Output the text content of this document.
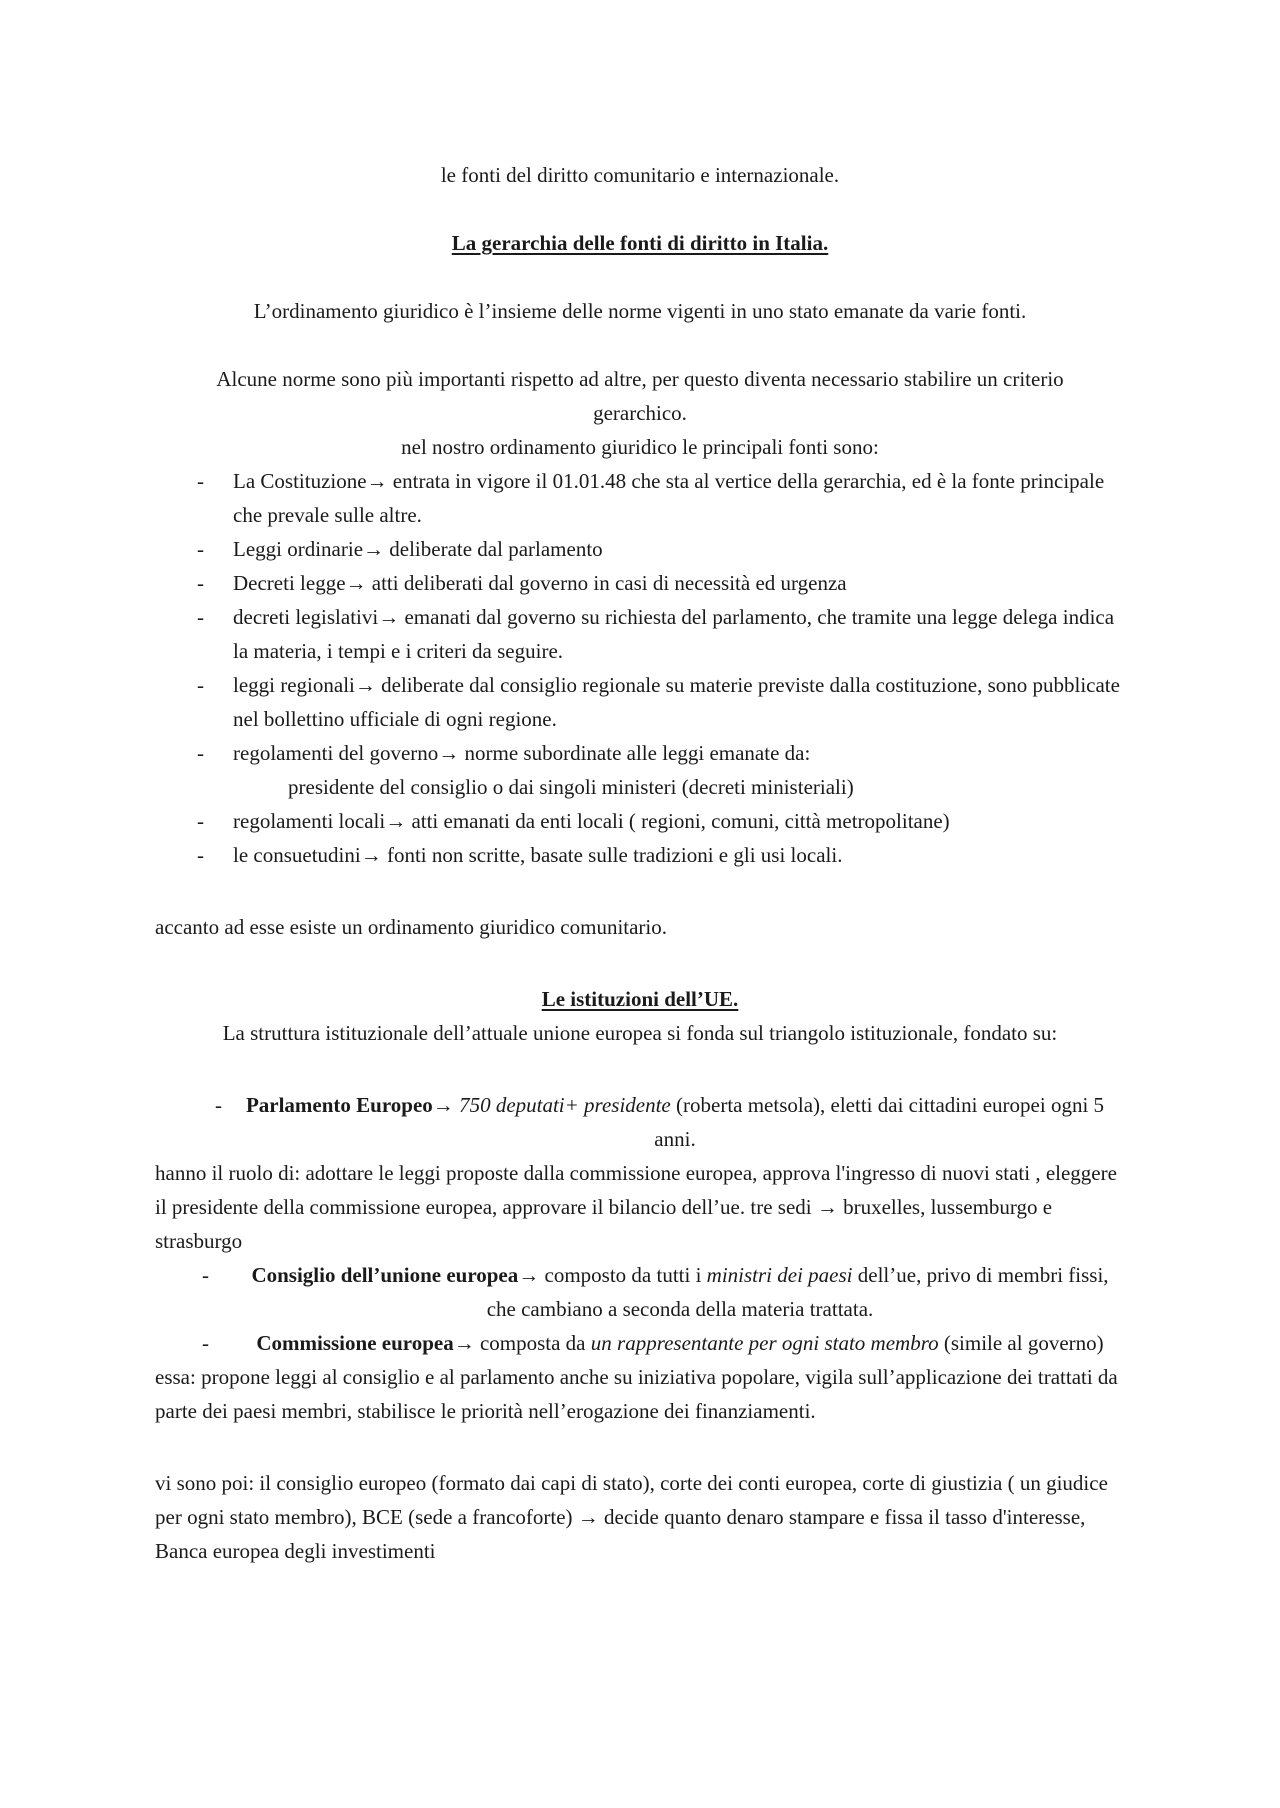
le fonti del diritto comunitario e internazionale.

La gerarchia delle fonti di diritto in Italia.

L’ordinamento giuridico è l’insieme delle norme vigenti in uno stato emanate da varie fonti.

Alcune norme sono più importanti rispetto ad altre, per questo diventa necessario stabilire un criterio gerarchico.

nel nostro ordinamento giuridico le principali fonti sono:

- La Costituzione→ entrata in vigore il 01.01.48 che sta al vertice della gerarchia, ed è la fonte principale che prevale sulle altre.
- Leggi ordinarie→ deliberate dal parlamento
- Decreti legge→ atti deliberati dal governo in casi di necessità ed urgenza
- decreti legislativi→ emanati dal governo su richiesta del parlamento, che tramite una legge delega indica la materia, i tempi e i criteri da seguire.
- leggi regionali→ deliberate dal consiglio regionale su materie previste dalla costituzione, sono pubblicate nel bollettino ufficiale di ogni regione.
- regolamenti del governo→ norme subordinate alle leggi emanate da:
presidente del consiglio o dai singoli ministeri (decreti ministeriali)
- regolamenti locali→ atti emanati da enti locali ( regioni, comuni, città metropolitane)
- le consuetudini→ fonti non scritte, basate sulle tradizioni e gli usi locali.

accanto ad esse esiste un ordinamento giuridico comunitario.

Le istituzioni dell’UE.

La struttura istituzionale dell’attuale unione europea si fonda sul triangolo istituzionale, fondato su:

- Parlamento Europeo→ 750 deputati+ presidente (roberta metsola), eletti dai cittadini europei ogni 5 anni.

hanno il ruolo di: adottare le leggi proposte dalla commissione europea, approva l'ingresso di nuovi stati , eleggere il presidente della commissione europea, approvare il bilancio dell’ue. tre sedi → bruxelles, lussemburgo e strasburgo

- Consiglio dell’unione europea→ composto da tutti i ministri dei paesi dell’ue, privo di membri fissi, che cambiano a seconda della materia trattata.
- Commissione europea→ composta da un rappresentante per ogni stato membro (simile al governo)

essa: propone leggi al consiglio e al parlamento anche su iniziativa popolare, vigila sull’applicazione dei trattati da parte dei paesi membri, stabilisce le priorità nell’erogazione dei finanziamenti.

vi sono poi: il consiglio europeo (formato dai capi di stato), corte dei conti europea, corte di giustizia ( un giudice per ogni stato membro), BCE (sede a francoforte) → decide quanto denaro stampare e fissa il tasso d'interesse, Banca europea degli investimenti
